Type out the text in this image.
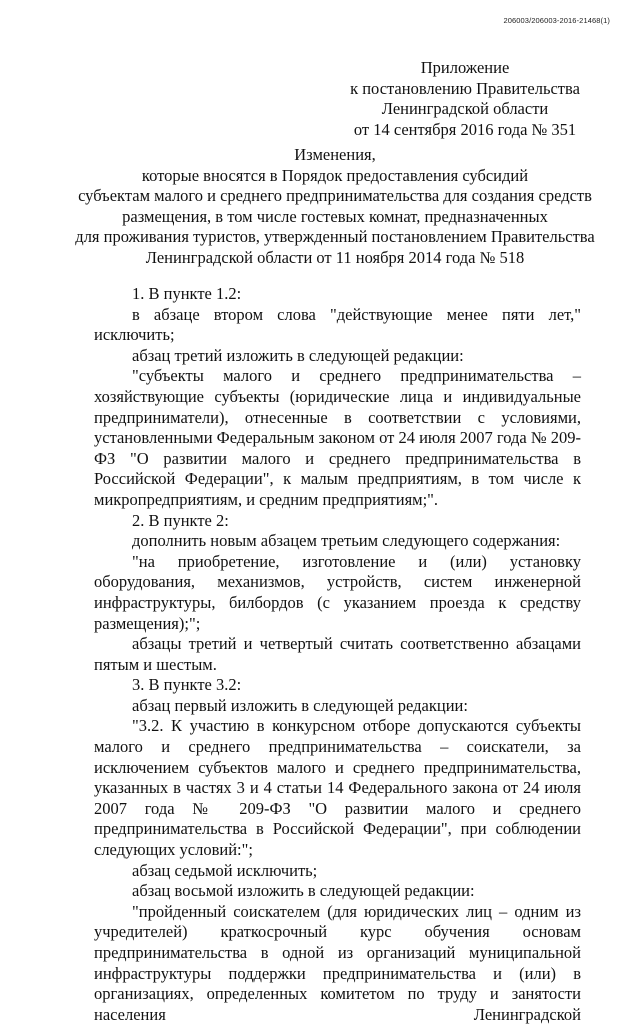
206003/206003-2016-21468(1)
Приложение
к постановлению Правительства
Ленинградской области
от 14 сентября 2016 года № 351
Изменения,
которые вносятся в Порядок предоставления субсидий
субъектам малого и среднего предпринимательства для создания средств
размещения, в том числе гостевых комнат, предназначенных
для проживания туристов, утвержденный постановлением Правительства
Ленинградской области от 11 ноября 2014 года № 518

1. В пункте 1.2:

в абзаце втором слова "действующие менее пяти лет," исключить;

абзац третий изложить в следующей редакции:

"субъекты малого и среднего предпринимательства – хозяйствующие субъекты (юридические лица и индивидуальные предприниматели), отнесенные в соответствии с условиями, установленными Федеральным законом от 24 июля 2007 года № 209-ФЗ "О развитии малого и среднего предпринимательства в Российской Федерации", к малым предприятиям, в том числе к микропредприятиям, и средним предприятиям;".

2. В пункте 2:

дополнить новым абзацем третьим следующего содержания:

"на приобретение, изготовление и (или) установку оборудования, механизмов, устройств, систем инженерной инфраструктуры, билбордов (с указанием проезда к средству размещения);";

абзацы третий и четвертый считать соответственно абзацами пятым и шестым.

3. В пункте 3.2:

абзац первый изложить в следующей редакции:

"3.2. К участию в конкурсном отборе допускаются субъекты малого и среднего предпринимательства – соискатели, за исключением субъектов малого и среднего предпринимательства, указанных в частях 3 и 4 статьи 14 Федерального закона от 24 июля 2007 года № 209-ФЗ "О развитии малого и среднего предпринимательства в Российской Федерации", при соблюдении следующих условий:";

абзац седьмой исключить;

абзац восьмой изложить в следующей редакции:

"пройденный соискателем (для юридических лиц – одним из учредителей) краткосрочный курс обучения основам предпринимательства в одной из организаций муниципальной инфраструктуры поддержки предпринимательства и (или) в организациях, определенных комитетом по труду и занятости населения Ленинградской
